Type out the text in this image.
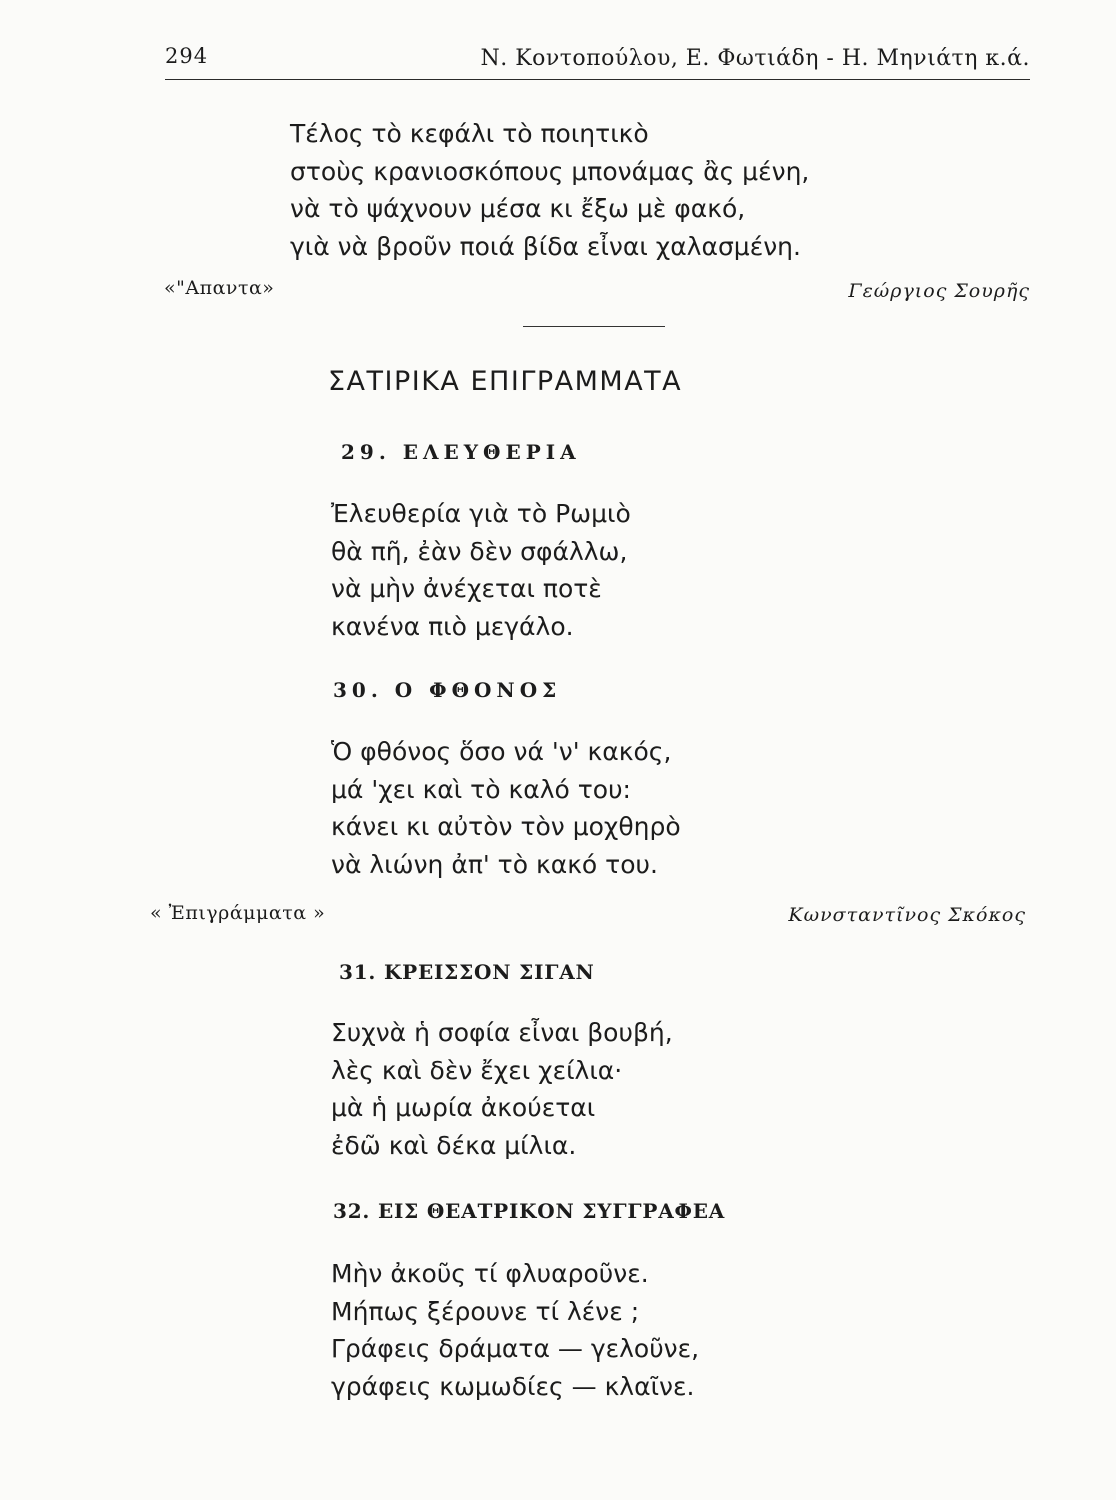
294	Ν. Κοντοπούλου, Ε. Φωτιάδη - Η. Μηνιάτη κ.ά.
Τέλος τὸ κεφάλι τὸ ποιητικὸ
στοὺς κρανιοσκόπους μπονάμας ἂς μένη,
νὰ τὸ ψάχνουν μέσα κι ἔξω μὲ φακό,
γιὰ νὰ βροῦν ποιά βίδα εἶναι χαλασμένη.
«"Απαντα»	Γεώργιος Σουρῆς
ΣΑΤΙΡΙΚΑ ΕΠΙΓΡΑΜΜΑΤΑ
29. ΕΛΕΥΘΕΡΙΑ
Ἐλευθερία γιὰ τὸ Ρωμιὸ
θὰ πῆ, ἐὰν δὲν σφάλλω,
νὰ μὴν ἀνέχεται ποτὲ
κανένα πιὸ μεγάλο.
30. Ο ΦΘΟΝΟΣ
Ὁ φθόνος ὅσο νά 'ν' κακός,
μά 'χει καὶ τὸ καλό του:
κάνει κι αὐτὸν τὸν μοχθηρὸ
νὰ λιώνη ἀπ' τὸ κακό του.
« Ἐπιγράμματα »	Κωνσταντῖνος Σκόκος
31. ΚΡΕΙΣΣΟΝ ΣΙΓΑΝ
Συχνὰ ἡ σοφία εἶναι βουβή,
λὲς καὶ δὲν ἔχει χείλια·
μὰ ἡ μωρία ἀκούεται
ἐδῶ καὶ δέκα μίλια.
32. ΕΙΣ ΘΕΑΤΡΙΚΟΝ ΣΥΓΓΡΑΦΕΑ
Μὴν ἀκοῦς τί φλυαροῦνε.
Μήπως ξέρουνε τί λένε ;
Γράφεις δράματα — γελοῦνε,
γράφεις κωμωδίες — κλαῖνε.
